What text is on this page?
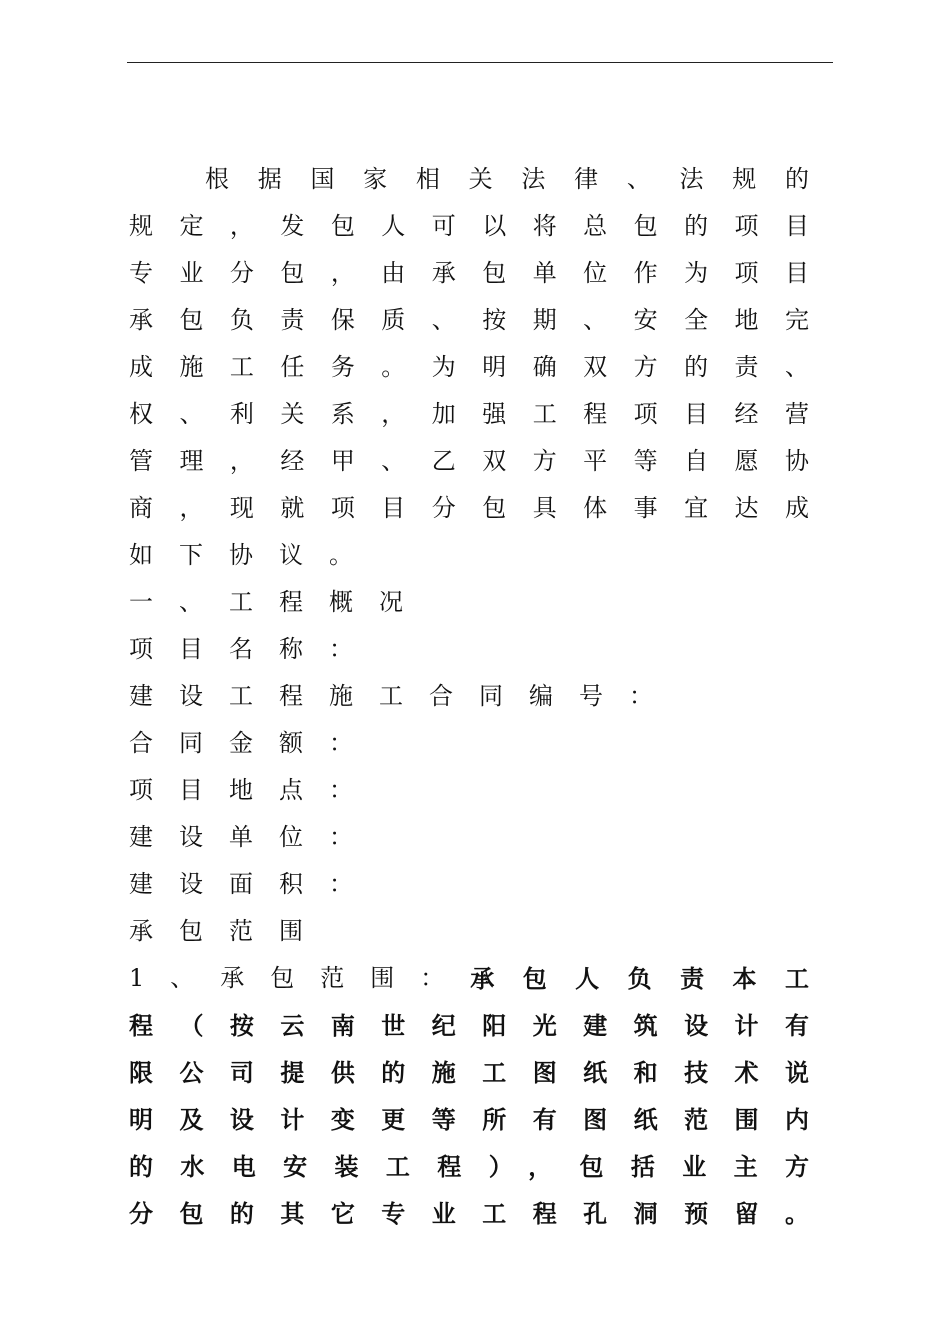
根据国家相关法律、法规的
规定，发包人可以将总包的项目
专业分包，由承包单位作为项目
承包负责保质、按期、安全地完
成施工任务。为明确双方的责、
权、利关系，加强工程项目经营
管理，经甲、乙双方平等自愿协
商，现就项目分包具体事宜达成
如下协议。
一、工程概况
项目名称：
建设工程施工合同编号：
合同金额：
项目地点：
建设单位：
建设面积：
承包范围
1、承包范围： 承包人负责本工
程（按云南世纪阳光建筑设计有
限公司提供的施工图纸和技术说
明及设计变更等所有图纸范围内
的水电安装工程），包括业主方
分包的其它专业工程孔洞预留。
